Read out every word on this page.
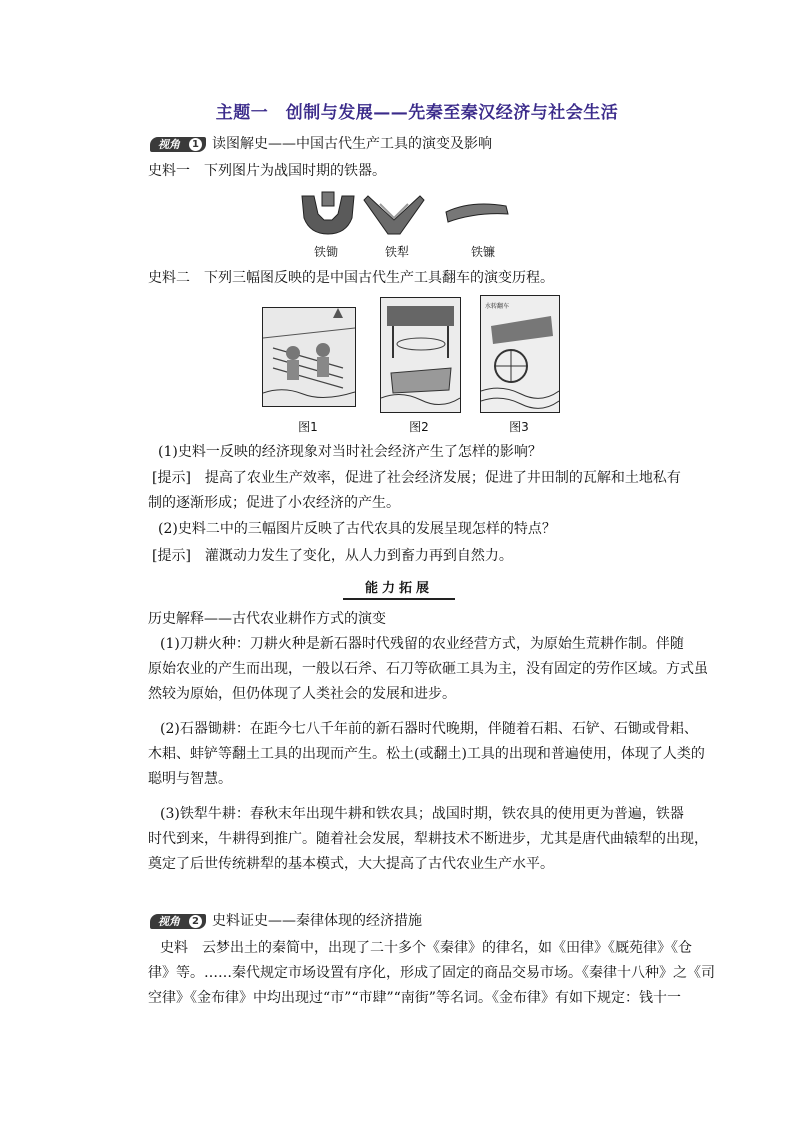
主题一　创制与发展——先秦至秦汉经济与社会生活
视角	1 读图解史——中国古代生产工具的演变及影响
史料一　下列图片为战国时期的铁器。
铁锄	铁犁	铁镰
史料二　下列三幅图反映的是中国古代生产工具翻车的演变历程。
水转翻车
图1	图2	图3
(1)史料一反映的经济现象对当时社会经济产生了怎样的影响？
[提示]　提高了农业生产效率，促进了社会经济发展；促进了井田制的瓦解和土地私有
制的逐渐形成；促进了小农经济的产生。
(2)史料二中的三幅图片反映了古代农具的发展呈现怎样的特点？
[提示]　灌溉动力发生了变化，从人力到畜力再到自然力。
能力拓展
历史解释——古代农业耕作方式的演变
(1)刀耕火种：刀耕火种是新石器时代残留的农业经营方式，为原始生荒耕作制。伴随
原始农业的产生而出现，一般以石斧、石刀等砍砸工具为主，没有固定的劳作区域。方式虽
然较为原始，但仍体现了人类社会的发展和进步。
(2)石器锄耕：在距今七八千年前的新石器时代晚期，伴随着石耜、石铲、石锄或骨耜、
木耜、蚌铲等翻土工具的出现而产生。松土(或翻土)工具的出现和普遍使用，体现了人类的
聪明与智慧。
(3)铁犁牛耕：春秋末年出现牛耕和铁农具；战国时期，铁农具的使用更为普遍，铁器
时代到来，牛耕得到推广。随着社会发展，犁耕技术不断进步，尤其是唐代曲辕犁的出现，
奠定了后世传统耕犁的基本模式，大大提高了古代农业生产水平。
视角	2 史料证史——秦律体现的经济措施
史料　云梦出土的秦简中，出现了二十多个《秦律》的律名，如《田律》《厩苑律》《仓
律》等。……秦代规定市场设置有序化，形成了固定的商品交易市场。《秦律十八种》之《司
空律》《金布律》中均出现过“市”“市肆”“南街”等名词。《金布律》有如下规定：钱十一
